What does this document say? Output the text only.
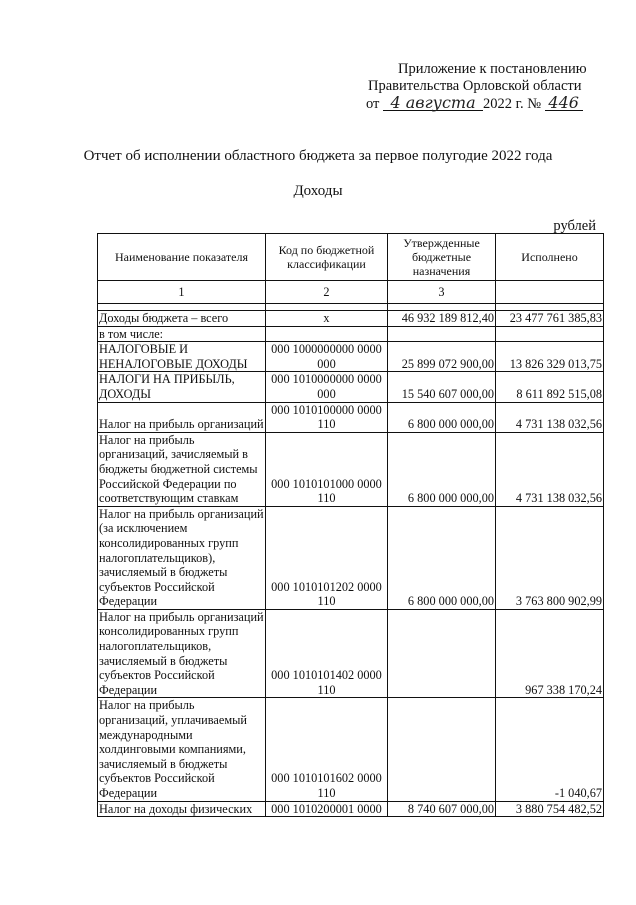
Приложение к постановлению
Правительства Орловской области
от 4 августа 2022 г. № 446
Отчет об исполнении областного бюджета за первое полугодие 2022 года
Доходы
рублей
Наименование показателя	Код по бюджетной классификации	Утвержденные бюджетные назначения	Исполнено
1	2	3	

Доходы бюджета – всего	x	46 932 189 812,40	23 477 761 385,83
в том числе:			
НАЛОГОВЫЕ И НЕНАЛОГОВЫЕ ДОХОДЫ	000 1000000000 0000 000	25 899 072 900,00	13 826 329 013,75
НАЛОГИ НА ПРИБЫЛЬ, ДОХОДЫ	000 1010000000 0000 000	15 540 607 000,00	8 611 892 515,08
Налог на прибыль организаций	000 1010100000 0000 110	6 800 000 000,00	4 731 138 032,56
Налог на прибыль организаций, зачисляемый в бюджеты бюджетной системы Российской Федерации по соответствующим ставкам	000 1010101000 0000 110	6 800 000 000,00	4 731 138 032,56
Налог на прибыль организаций (за исключением консолидированных групп налогоплательщиков), зачисляемый в бюджеты субъектов Российской Федерации	000 1010101202 0000 110	6 800 000 000,00	3 763 800 902,99
Налог на прибыль организаций консолидированных групп налогоплательщиков, зачисляемый в бюджеты субъектов Российской Федерации	000 1010101402 0000 110		967 338 170,24
Налог на прибыль организаций, уплачиваемый международными холдинговыми компаниями, зачисляемый в бюджеты субъектов Российской Федерации	000 1010101602 0000 110		-1 040,67
Налог на доходы физических	000 1010200001 0000	8 740 607 000,00	3 880 754 482,52
